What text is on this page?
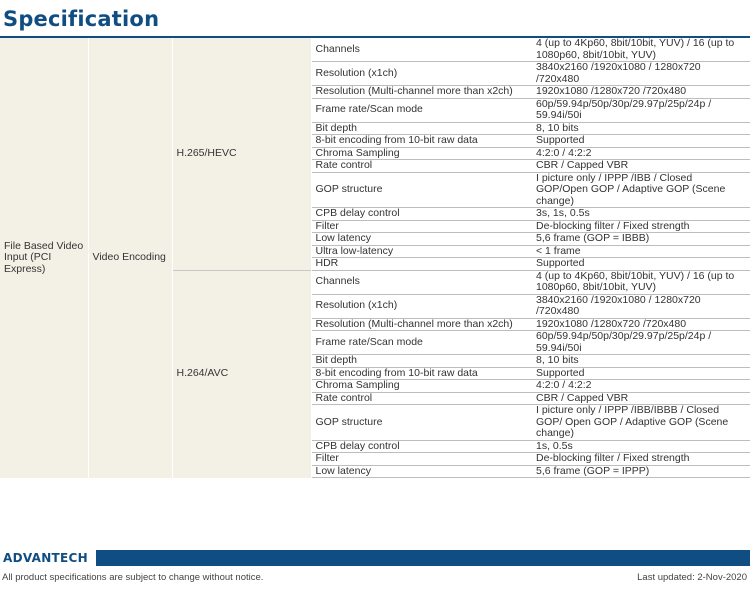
Specification
File Based Video Input (PCI Express)	Video Encoding	H.265/HEVC	Channels	4 (up to 4Kp60, 8bit/10bit, YUV) / 16 (up to 1080p60, 8bit/10bit, YUV)
			Resolution (x1ch)	3840x2160 /1920x1080 / 1280x720 /720x480
			Resolution (Multi-channel more than x2ch)	1920x1080 /1280x720 /720x480
			Frame rate/Scan mode	60p/59.94p/50p/30p/29.97p/25p/24p / 59.94i/50i
			Bit depth	8, 10 bits
			8-bit encoding from 10-bit raw data	Supported
			Chroma Sampling	4:2:0 / 4:2:2
			Rate control	CBR / Capped VBR
			GOP structure	I picture only / IPPP /IBB / Closed GOP/Open GOP / Adaptive GOP (Scene change)
			CPB delay control	3s, 1s, 0.5s
			Filter	De-blocking filter / Fixed strength
			Low latency	5,6 frame (GOP = IBBB)
			Ultra low-latency	< 1 frame
			HDR	Supported
		H.264/AVC	Channels	4 (up to 4Kp60, 8bit/10bit, YUV) / 16 (up to 1080p60, 8bit/10bit, YUV)
			Resolution (x1ch)	3840x2160 /1920x1080 / 1280x720 /720x480
			Resolution (Multi-channel more than x2ch)	1920x1080 /1280x720 /720x480
			Frame rate/Scan mode	60p/59.94p/50p/30p/29.97p/25p/24p / 59.94i/50i
			Bit depth	8, 10 bits
			8-bit encoding from 10-bit raw data	Supported
			Chroma Sampling	4:2:0 / 4:2:2
			Rate control	CBR / Capped VBR
			GOP structure	I picture only / IPPP /IBB/IBBB / Closed GOP/ Open GOP / Adaptive GOP (Scene change)
			CPB delay control	1s, 0.5s
			Filter	De-blocking filter / Fixed strength
			Low latency	5,6 frame (GOP = IPPP)
ADVANTECH
All product specifications are subject to change without notice.	Last updated: 2-Nov-2020
